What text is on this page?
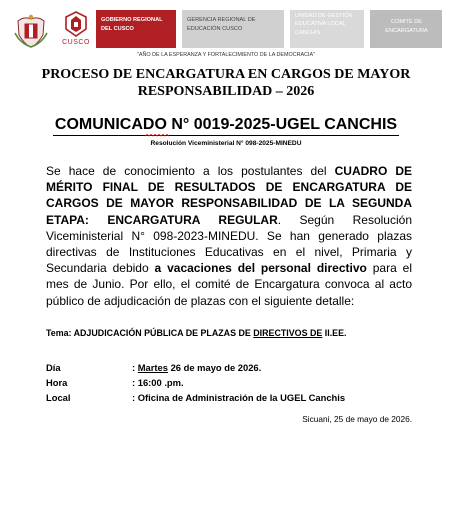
CUSCO
GOBIERNO REGIONAL DEL CUSCO
GERENCIA REGIONAL DE EDUCACIÓN CUSCO
UNIDAD DE GESTIÓN EDUCATIVA LOCAL CANCHIS
COMITÉ DE ENCARGATURA
"AÑO DE LA ESPERANZA Y FORTALECIMIENTO DE LA DEMOCRACIA"
PROCESO DE ENCARGATURA EN CARGOS DE MAYOR
RESPONSABILIDAD – 2026
COMUNICADO N° 0019-2025-UGEL CANCHIS
Resolución Viceministerial N° 098-2025-MINEDU
Se hace de conocimiento a los postulantes del CUADRO DE MÉRITO FINAL DE RESULTADOS DE ENCARGATURA DE CARGOS DE MAYOR RESPONSABILIDAD DE LA SEGUNDA ETAPA: ENCARGATURA REGULAR. Según Resolución Viceministerial N° 098-2023-MINEDU. Se han generado plazas directivas de Instituciones Educativas en el nivel, Primaria y Secundaria debido a vacaciones del personal directivo para el mes de Junio. Por ello, el comité de Encargatura convoca al acto público de adjudicación de plazas con el siguiente detalle:
Tema: ADJUDICACIÓN PÚBLICA DE PLAZAS DE DIRECTIVOS DE II.EE.
Día	: Martes 26 de mayo de 2026.
Hora	: 16:00 .pm.
Local	: Oficina de Administración de la UGEL Canchis
Sicuani, 25 de mayo de 2026.
